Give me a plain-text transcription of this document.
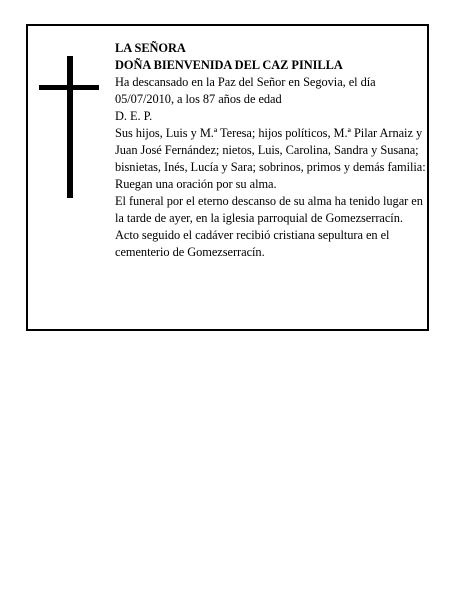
LA SEÑORA

DOÑA BIENVENIDA DEL CAZ PINILLA

Ha descansado en la Paz del Señor en Segovia, el día 05/07/2010, a los 87 años de edad

D. E. P.

Sus hijos, Luis y M.ª Teresa; hijos políticos, M.ª Pilar Arnaiz y Juan José Fernández; nietos, Luis, Carolina, Sandra y Susana; bisnietas, Inés, Lucía y Sara; sobrinos, primos y demás familia:

Ruegan una oración por su alma.

El funeral por el eterno descanso de su alma ha tenido lugar en la tarde de ayer, en la iglesia parroquial de Gomezserracín. Acto seguido el cadáver recibió cristiana sepultura en el cementerio de Gomezserracín.
